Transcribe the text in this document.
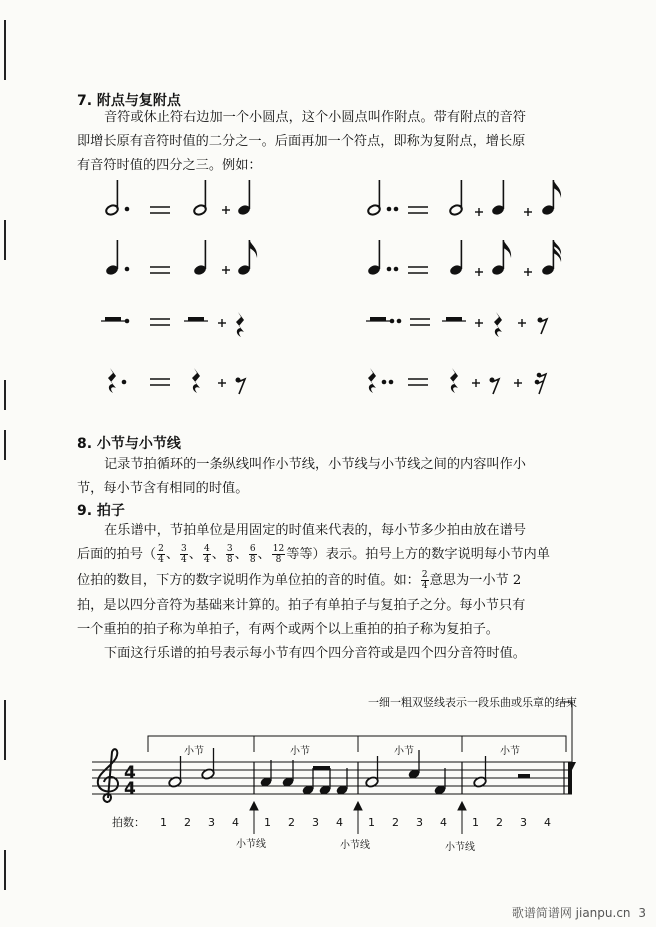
7. 附点与复附点
音符或休止符右边加一个小圆点，这个小圆点叫作附点。带有附点的音符
即增长原有音符时值的二分之一。后面再加一个符点，即称为复附点，增长原
有音符时值的四分之三。例如：
8. 小节与小节线
记录节拍循环的一条纵线叫作小节线，小节线与小节线之间的内容叫作小
节，每小节含有相同的时值。
9. 拍子
在乐谱中，节拍单位是用固定的时值来代表的，每小节多少拍由放在谱号
后面的拍号（ $\frac{2}{4}$ 、 $\frac{3}{4}$ 、 $\frac{4}{4}$ 、 $\frac{3}{8}$ 、 $\frac{6}{8}$ 、 $\frac{12}{8}$ 等等）表示。拍号上方的数字说明每小节内单
位拍的数目，下方的数字说明作为单位拍的音的时值。如： $\frac{2}{4}$ 意思为一小节 2
拍，是以四分音符为基础来计算的。拍子有单拍子与复拍子之分。每小节只有
一个重拍的拍子称为单拍子，有两个或两个以上重拍的拍子称为复拍子。
下面这行乐谱的拍号表示每小节有四个四分音符或是四个四分音符时值。
一细一粗双竖线表示一段乐曲或乐章的结束
小节	小节	小节	小节
4
4
拍数： 1 2 3 4 1 2 3 4 1 2 3 4 1 2 3 4
小节线	小节线	小节线
歌谱简谱网 jianpu.cn 3
